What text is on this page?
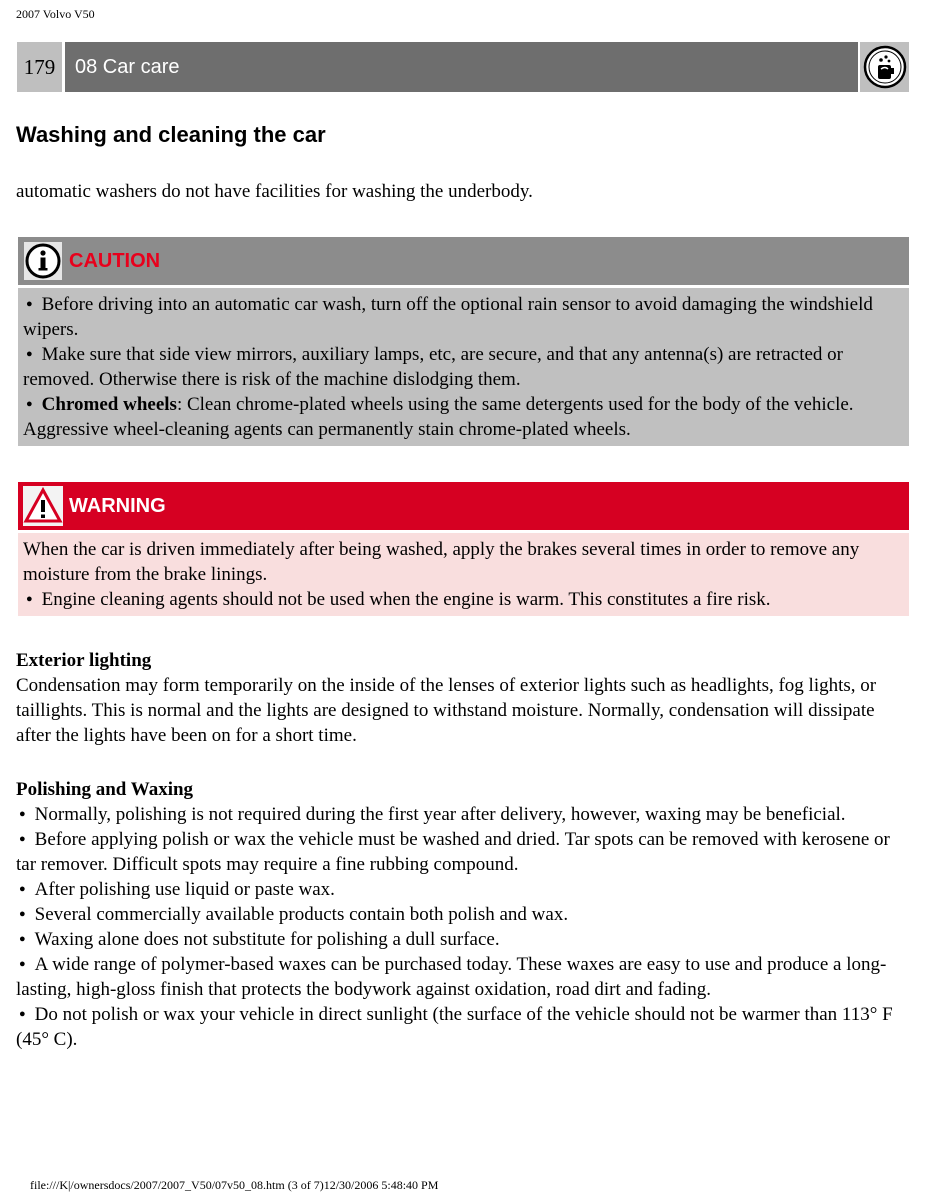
2007 Volvo V50
179 08 Car care
Washing and cleaning the car

automatic washers do not have facilities for washing the underbody.

CAUTION

● Before driving into an automatic car wash, turn off the optional rain sensor to avoid damaging the windshield wipers.

● Make sure that side view mirrors, auxiliary lamps, etc, are secure, and that any antenna(s) are retracted or removed. Otherwise there is risk of the machine dislodging them.

● Chromed wheels: Clean chrome-plated wheels using the same detergents used for the body of the vehicle. Aggressive wheel-cleaning agents can permanently stain chrome-plated wheels.

WARNING

When the car is driven immediately after being washed, apply the brakes several times in order to remove any moisture from the brake linings.

● Engine cleaning agents should not be used when the engine is warm. This constitutes a fire risk.

Exterior lighting

Condensation may form temporarily on the inside of the lenses of exterior lights such as headlights, fog lights, or taillights. This is normal and the lights are designed to withstand moisture. Normally, condensation will dissipate after the lights have been on for a short time.

Polishing and Waxing

● Normally, polishing is not required during the first year after delivery, however, waxing may be beneficial.

● Before applying polish or wax the vehicle must be washed and dried. Tar spots can be removed with kerosene or tar remover. Difficult spots may require a fine rubbing compound.

● After polishing use liquid or paste wax.

● Several commercially available products contain both polish and wax.

● Waxing alone does not substitute for polishing a dull surface.

● A wide range of polymer-based waxes can be purchased today. These waxes are easy to use and produce a long-lasting, high-gloss finish that protects the bodywork against oxidation, road dirt and fading.

● Do not polish or wax your vehicle in direct sunlight (the surface of the vehicle should not be warmer than 113° F (45° C).

file:///K|/ownersdocs/2007/2007_V50/07v50_08.htm (3 of 7)12/30/2006 5:48:40 PM
